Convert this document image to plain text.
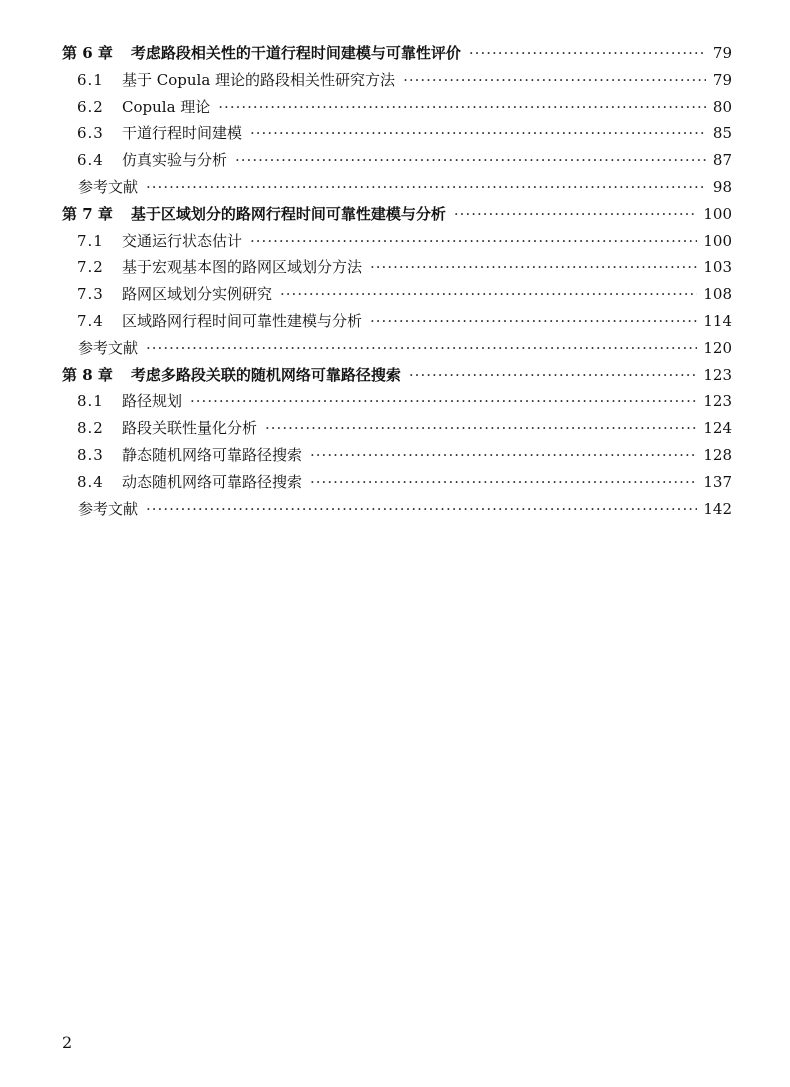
第 6 章 考虑路段相关性的干道行程时间建模与可靠性评价 ·····	79
6.1	基于 Copula 理论的路段相关性研究方法 ·····	79
6.2	Copula 理论 ·····	80
6.3	干道行程时间建模 ·····	85
6.4	仿真实验与分析 ·····	87
参考文献 ·····	98
第 7 章 基于区域划分的路网行程时间可靠性建模与分析 ·····	100
7.1	交通运行状态估计 ·····	100
7.2	基于宏观基本图的路网区域划分方法 ·····	103
7.3	路网区域划分实例研究 ·····	108
7.4	区域路网行程时间可靠性建模与分析 ·····	114
参考文献 ·····	120
第 8 章 考虑多路段关联的随机网络可靠路径搜索 ·····	123
8.1	路径规划 ·····	123
8.2	路段关联性量化分析 ·····	124
8.3	静态随机网络可靠路径搜索 ·····	128
8.4	动态随机网络可靠路径搜索 ·····	137
参考文献 ·····	142
2
